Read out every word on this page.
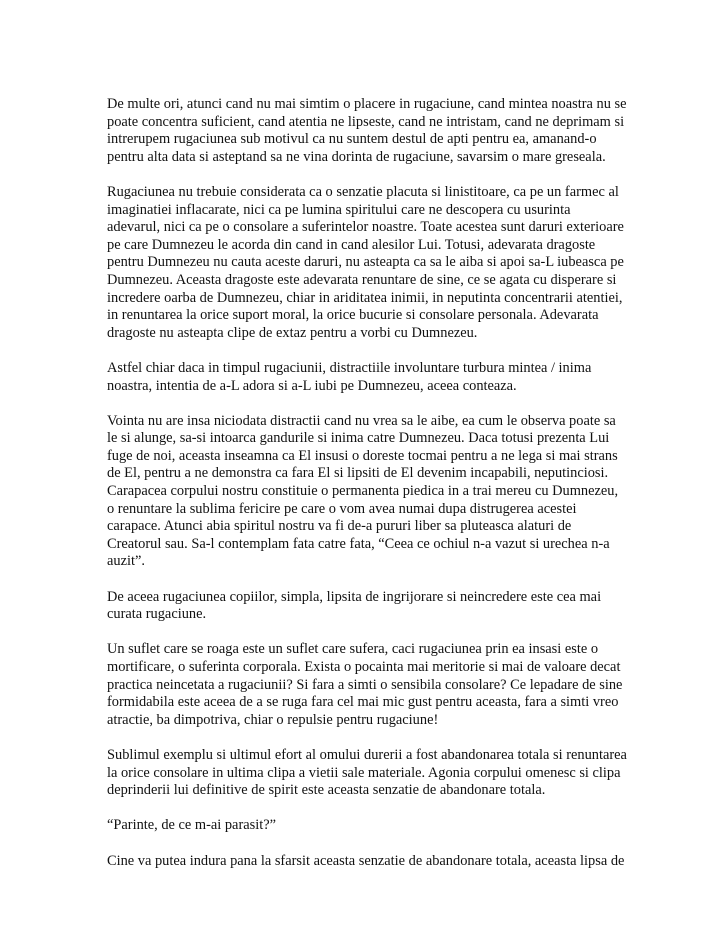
De multe ori, atunci cand nu mai simtim o placere in rugaciune, cand mintea noastra nu se poate concentra suficient, cand atentia ne lipseste, cand ne intristam, cand ne deprimam si intrerupem rugaciunea sub motivul ca nu suntem destul de apti pentru ea, amanand-o pentru alta data si asteptand sa ne vina dorinta de rugaciune, savarsim o mare greseala.

Rugaciunea nu trebuie considerata ca o senzatie placuta si linistitoare, ca pe un farmec al imaginatiei inflacarate, nici ca pe lumina spiritului care ne descopera cu usurinta adevarul, nici ca pe o consolare a suferintelor noastre. Toate acestea sunt daruri exterioare pe care Dumnezeu le acorda din cand in cand alesilor Lui. Totusi, adevarata dragoste pentru Dumnezeu nu cauta aceste daruri, nu asteapta ca sa le aiba si apoi sa-L iubeasca pe Dumnezeu. Aceasta dragoste este adevarata renuntare de sine, ce se agata cu disperare si incredere oarba de Dumnezeu, chiar in ariditatea inimii, in neputinta concentrarii atentiei, in renuntarea la orice suport moral, la orice bucurie si consolare personala. Adevarata dragoste nu asteapta clipe de extaz pentru a vorbi cu Dumnezeu.

Astfel chiar daca in timpul rugaciunii, distractiile involuntare turbura mintea / inima noastra, intentia de a-L adora si a-L iubi pe Dumnezeu, aceea conteaza.

Vointa nu are insa niciodata distractii cand nu vrea sa le aibe, ea cum le observa poate sa le si alunge, sa-si intoarca gandurile si inima catre Dumnezeu. Daca totusi prezenta Lui fuge de noi, aceasta inseamna ca El insusi o doreste tocmai pentru a ne lega si mai strans de El, pentru a ne demonstra ca fara El si lipsiti de El devenim incapabili, neputinciosi. Carapacea corpului nostru constituie o permanenta piedica in a trai mereu cu Dumnezeu, o renuntare la sublima fericire pe care o vom avea numai dupa distrugerea acestei carapace. Atunci abia spiritul nostru va fi de-a pururi liber sa pluteasca alaturi de Creatorul sau. Sa-l contemplam fata catre fata, “Ceea ce ochiul n-a vazut si urechea n-a auzit”.

De aceea rugaciunea copiilor, simpla, lipsita de ingrijorare si neincredere este cea mai curata rugaciune.

Un suflet care se roaga este un suflet care sufera, caci rugaciunea prin ea insasi este o mortificare, o suferinta corporala. Exista o pocainta mai meritorie si mai de valoare decat practica neincetata a rugaciunii? Si fara a simti o sensibila consolare? Ce lepadare de sine formidabila este aceea de a se ruga fara cel mai mic gust pentru aceasta, fara a simti vreo atractie, ba dimpotriva, chiar o repulsie pentru rugaciune!

Sublimul exemplu si ultimul efort al omului durerii a fost abandonarea totala si renuntarea la orice consolare in ultima clipa a vietii sale materiale. Agonia corpului omenesc si clipa deprinderii lui definitive de spirit este aceasta senzatie de abandonare totala.

“Parinte, de ce m-ai parasit?”

Cine va putea indura pana la sfarsit aceasta senzatie de abandonare totala, aceasta lipsa de
